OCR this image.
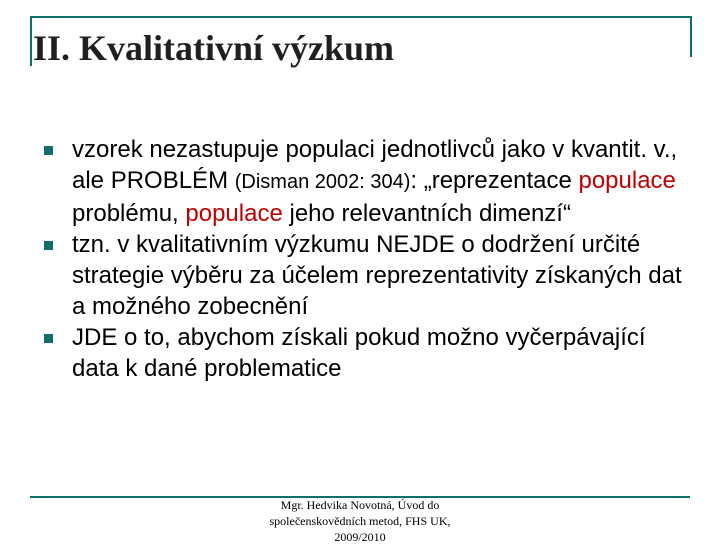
II. Kvalitativní výzkum
vzorek nezastupuje populaci jednotlivců jako v kvantit. v., ale PROBLÉM (Disman 2002: 304): „reprezentace populace problému, populace jeho relevantních dimenzí“
tzn. v kvalitativním výzkumu NEJDE o dodržení určité strategie výběru za účelem reprezentativity získaných dat a možného zobecnění
JDE o to, abychom získali pokud možno vyčerpávající data k dané problematice
Mgr. Hedvika Novotná, Úvod do
společenskovědních metod, FHS UK,
2009/2010
